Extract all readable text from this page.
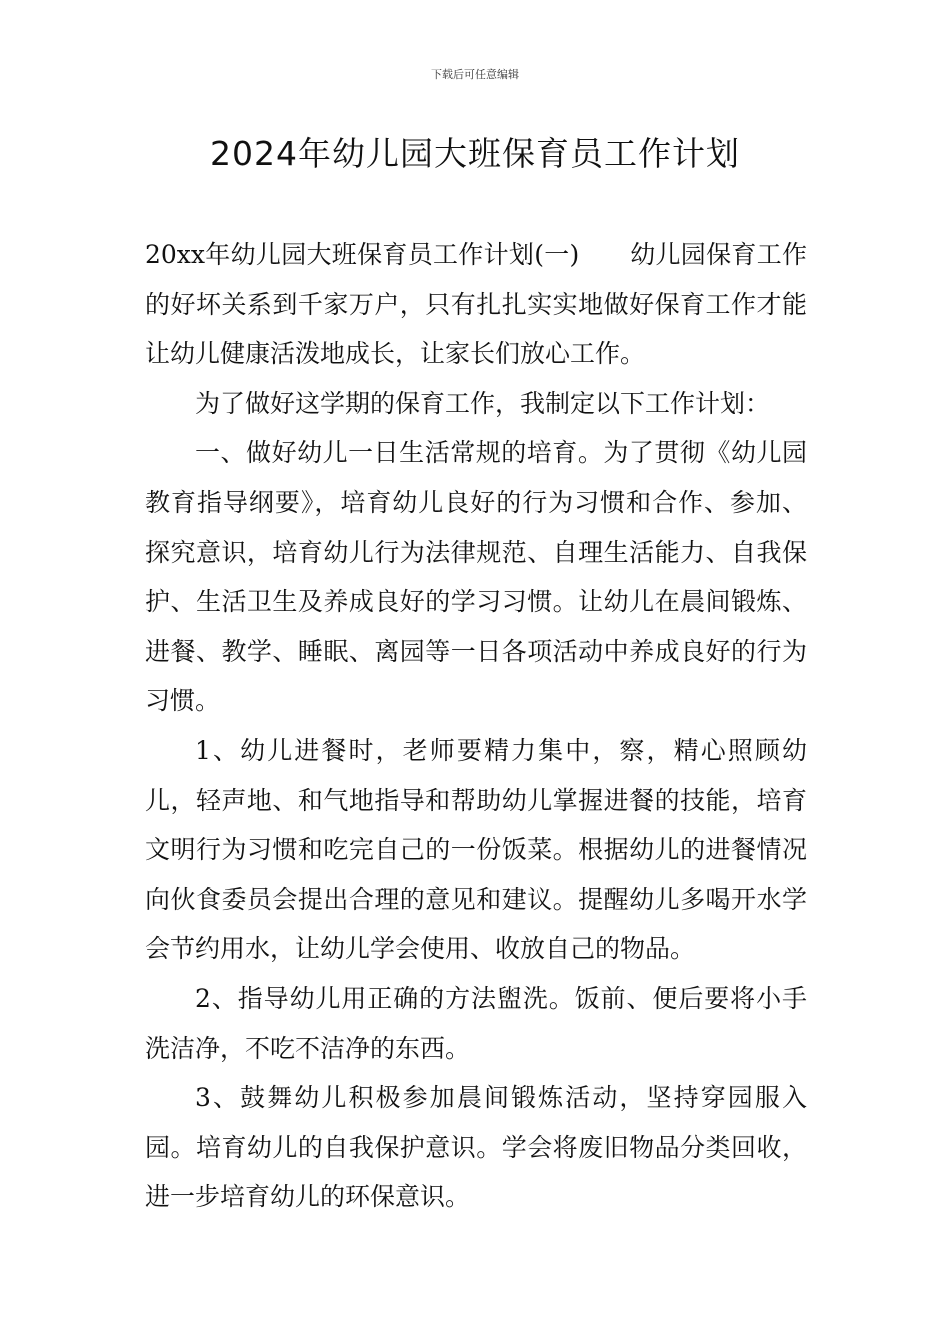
下载后可任意编辑
2024年幼儿园大班保育员工作计划

20xx年幼儿园大班保育员工作计划(一)　　幼儿园保育工作的好坏关系到千家万户，只有扎扎实实地做好保育工作才能让幼儿健康活泼地成长，让家长们放心工作。

为了做好这学期的保育工作，我制定以下工作计划：

一、做好幼儿一日生活常规的培育。为了贯彻《幼儿园教育指导纲要》，培育幼儿良好的行为习惯和合作、参加、探究意识，培育幼儿行为法律规范、自理生活能力、自我保护、生活卫生及养成良好的学习习惯。让幼儿在晨间锻炼、进餐、教学、睡眠、离园等一日各项活动中养成良好的行为习惯。

1、幼儿进餐时，老师要精力集中，察，精心照顾幼儿，轻声地、和气地指导和帮助幼儿掌握进餐的技能，培育文明行为习惯和吃完自己的一份饭菜。根据幼儿的进餐情况向伙食委员会提出合理的意见和建议。提醒幼儿多喝开水学会节约用水，让幼儿学会使用、收放自己的物品。

2、指导幼儿用正确的方法盥洗。饭前、便后要将小手洗洁净，不吃不洁净的东西。

3、鼓舞幼儿积极参加晨间锻炼活动，坚持穿园服入园。培育幼儿的自我保护意识。学会将废旧物品分类回收，进一步培育幼儿的环保意识。
